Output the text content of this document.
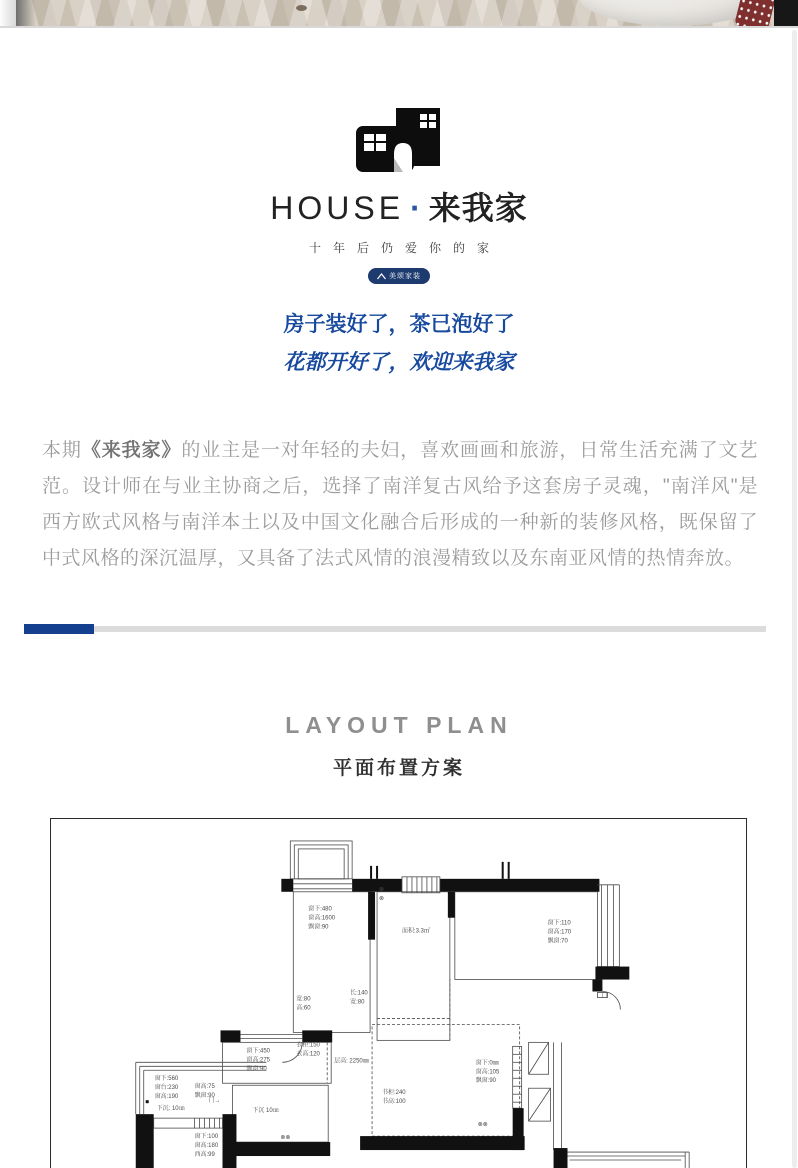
HOUSE · 来我家
十年后仍爱你的家
美颂家装
房子装好了，茶已泡好了
花都开好了，欢迎来我家

本期《来我家》的业主是一对年轻的夫妇，喜欢画画和旅游，日常生活充满了文艺范。设计师在与业主协商之后，选择了南洋复古风给予这套房子灵魂，"南洋风"是西方欧式风格与南洋本土以及中国文化融合后形成的一种新的装修风格，既保留了中式风格的深沉温厚，又具备了法式风情的浪漫精致以及东南亚风情的热情奔放。

LAYOUT PLAN
平面布置方案
窗下:480
窗高:1600
飘窗:90
面积:3.3㎡
窗下:110
窗高:170
飘窗:70
窗下:450
窗高:275
飘窗:90
衣柜:150
衣高:120
层高: 2250㎜
宽:80
高:60
长:140
宽:80
窗下:0㎜
窗高:105
飘窗:90
书柜:240
书高:100
窗下:560
窗台:230
窗高:190
下沉: 10㎝
窗高:75
飘窗:90
门→
下沉 10㎝
窗下:100
窗高:180
西高:99
⊗
⊗
⊗⊗
⊗⊗
门
